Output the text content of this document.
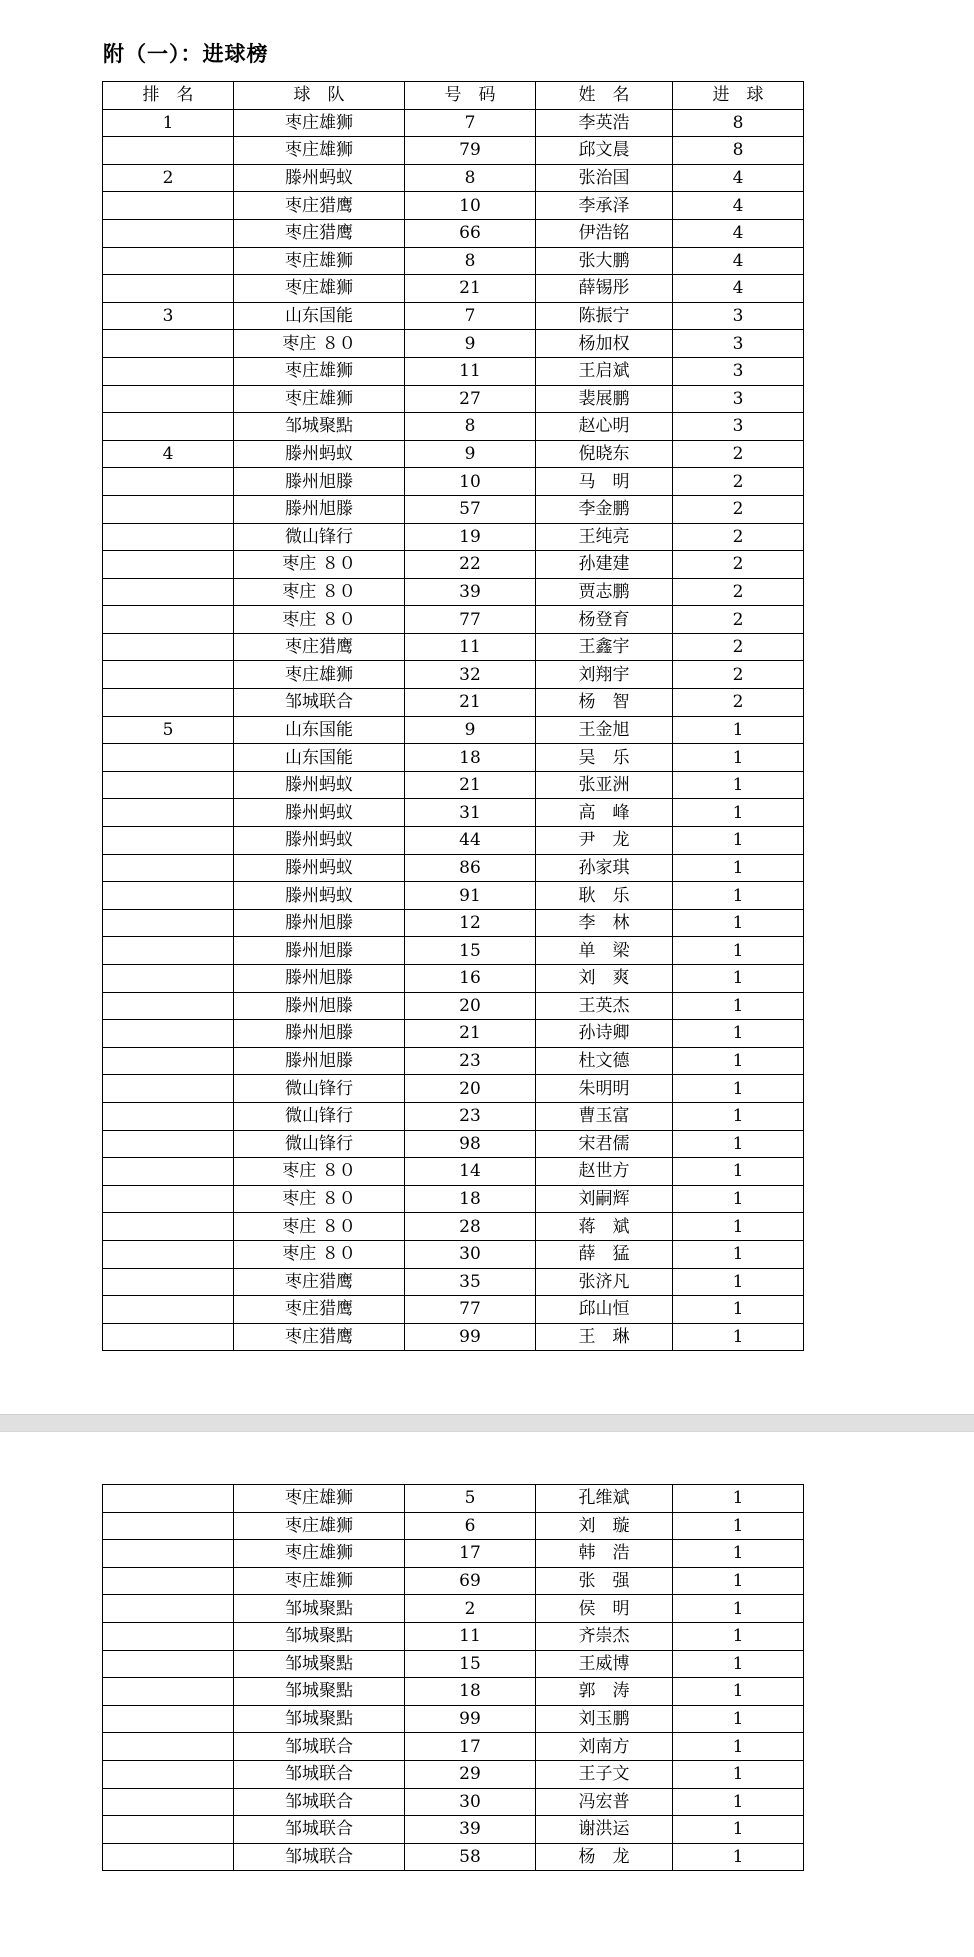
附（一）：进球榜
排　名	球　队	号　码	姓　名	进　球
1	枣庄雄狮	7	李英浩	8
	枣庄雄狮	79	邱文晨	8
2	滕州蚂蚁	8	张治国	4
	枣庄猎鹰	10	李承泽	4
	枣庄猎鹰	66	伊浩铭	4
	枣庄雄狮	8	张大鹏	4
	枣庄雄狮	21	薛锡彤	4
3	山东国能	7	陈振宁	3
	枣庄 ８０	9	杨加权	3
	枣庄雄狮	11	王启斌	3
	枣庄雄狮	27	裴展鹏	3
	邹城聚點	8	赵心明	3
4	滕州蚂蚁	9	倪晓东	2
	滕州旭滕	10	马　明	2
	滕州旭滕	57	李金鹏	2
	微山锋行	19	王纯亮	2
	枣庄 ８０	22	孙建建	2
	枣庄 ８０	39	贾志鹏	2
	枣庄 ８０	77	杨登育	2
	枣庄猎鹰	11	王鑫宇	2
	枣庄雄狮	32	刘翔宇	2
	邹城联合	21	杨　智	2
5	山东国能	9	王金旭	1
	山东国能	18	吴　乐	1
	滕州蚂蚁	21	张亚洲	1
	滕州蚂蚁	31	高　峰	1
	滕州蚂蚁	44	尹　龙	1
	滕州蚂蚁	86	孙家琪	1
	滕州蚂蚁	91	耿　乐	1
	滕州旭滕	12	李　林	1
	滕州旭滕	15	单　梁	1
	滕州旭滕	16	刘　爽	1
	滕州旭滕	20	王英杰	1
	滕州旭滕	21	孙诗卿	1
	滕州旭滕	23	杜文德	1
	微山锋行	20	朱明明	1
	微山锋行	23	曹玉富	1
	微山锋行	98	宋君儒	1
	枣庄 ８０	14	赵世方	1
	枣庄 ８０	18	刘嗣辉	1
	枣庄 ８０	28	蒋　斌	1
	枣庄 ８０	30	薛　猛	1
	枣庄猎鹰	35	张济凡	1
	枣庄猎鹰	77	邱山恒	1
	枣庄猎鹰	99	王　琳	1
	枣庄雄狮	5	孔维斌	1
	枣庄雄狮	6	刘　璇	1
	枣庄雄狮	17	韩　浩	1
	枣庄雄狮	69	张　强	1
	邹城聚點	2	侯　明	1
	邹城聚點	11	齐崇杰	1
	邹城聚點	15	王威博	1
	邹城聚點	18	郭　涛	1
	邹城聚點	99	刘玉鹏	1
	邹城联合	17	刘南方	1
	邹城联合	29	王子文	1
	邹城联合	30	冯宏普	1
	邹城联合	39	谢洪运	1
	邹城联合	58	杨　龙	1
